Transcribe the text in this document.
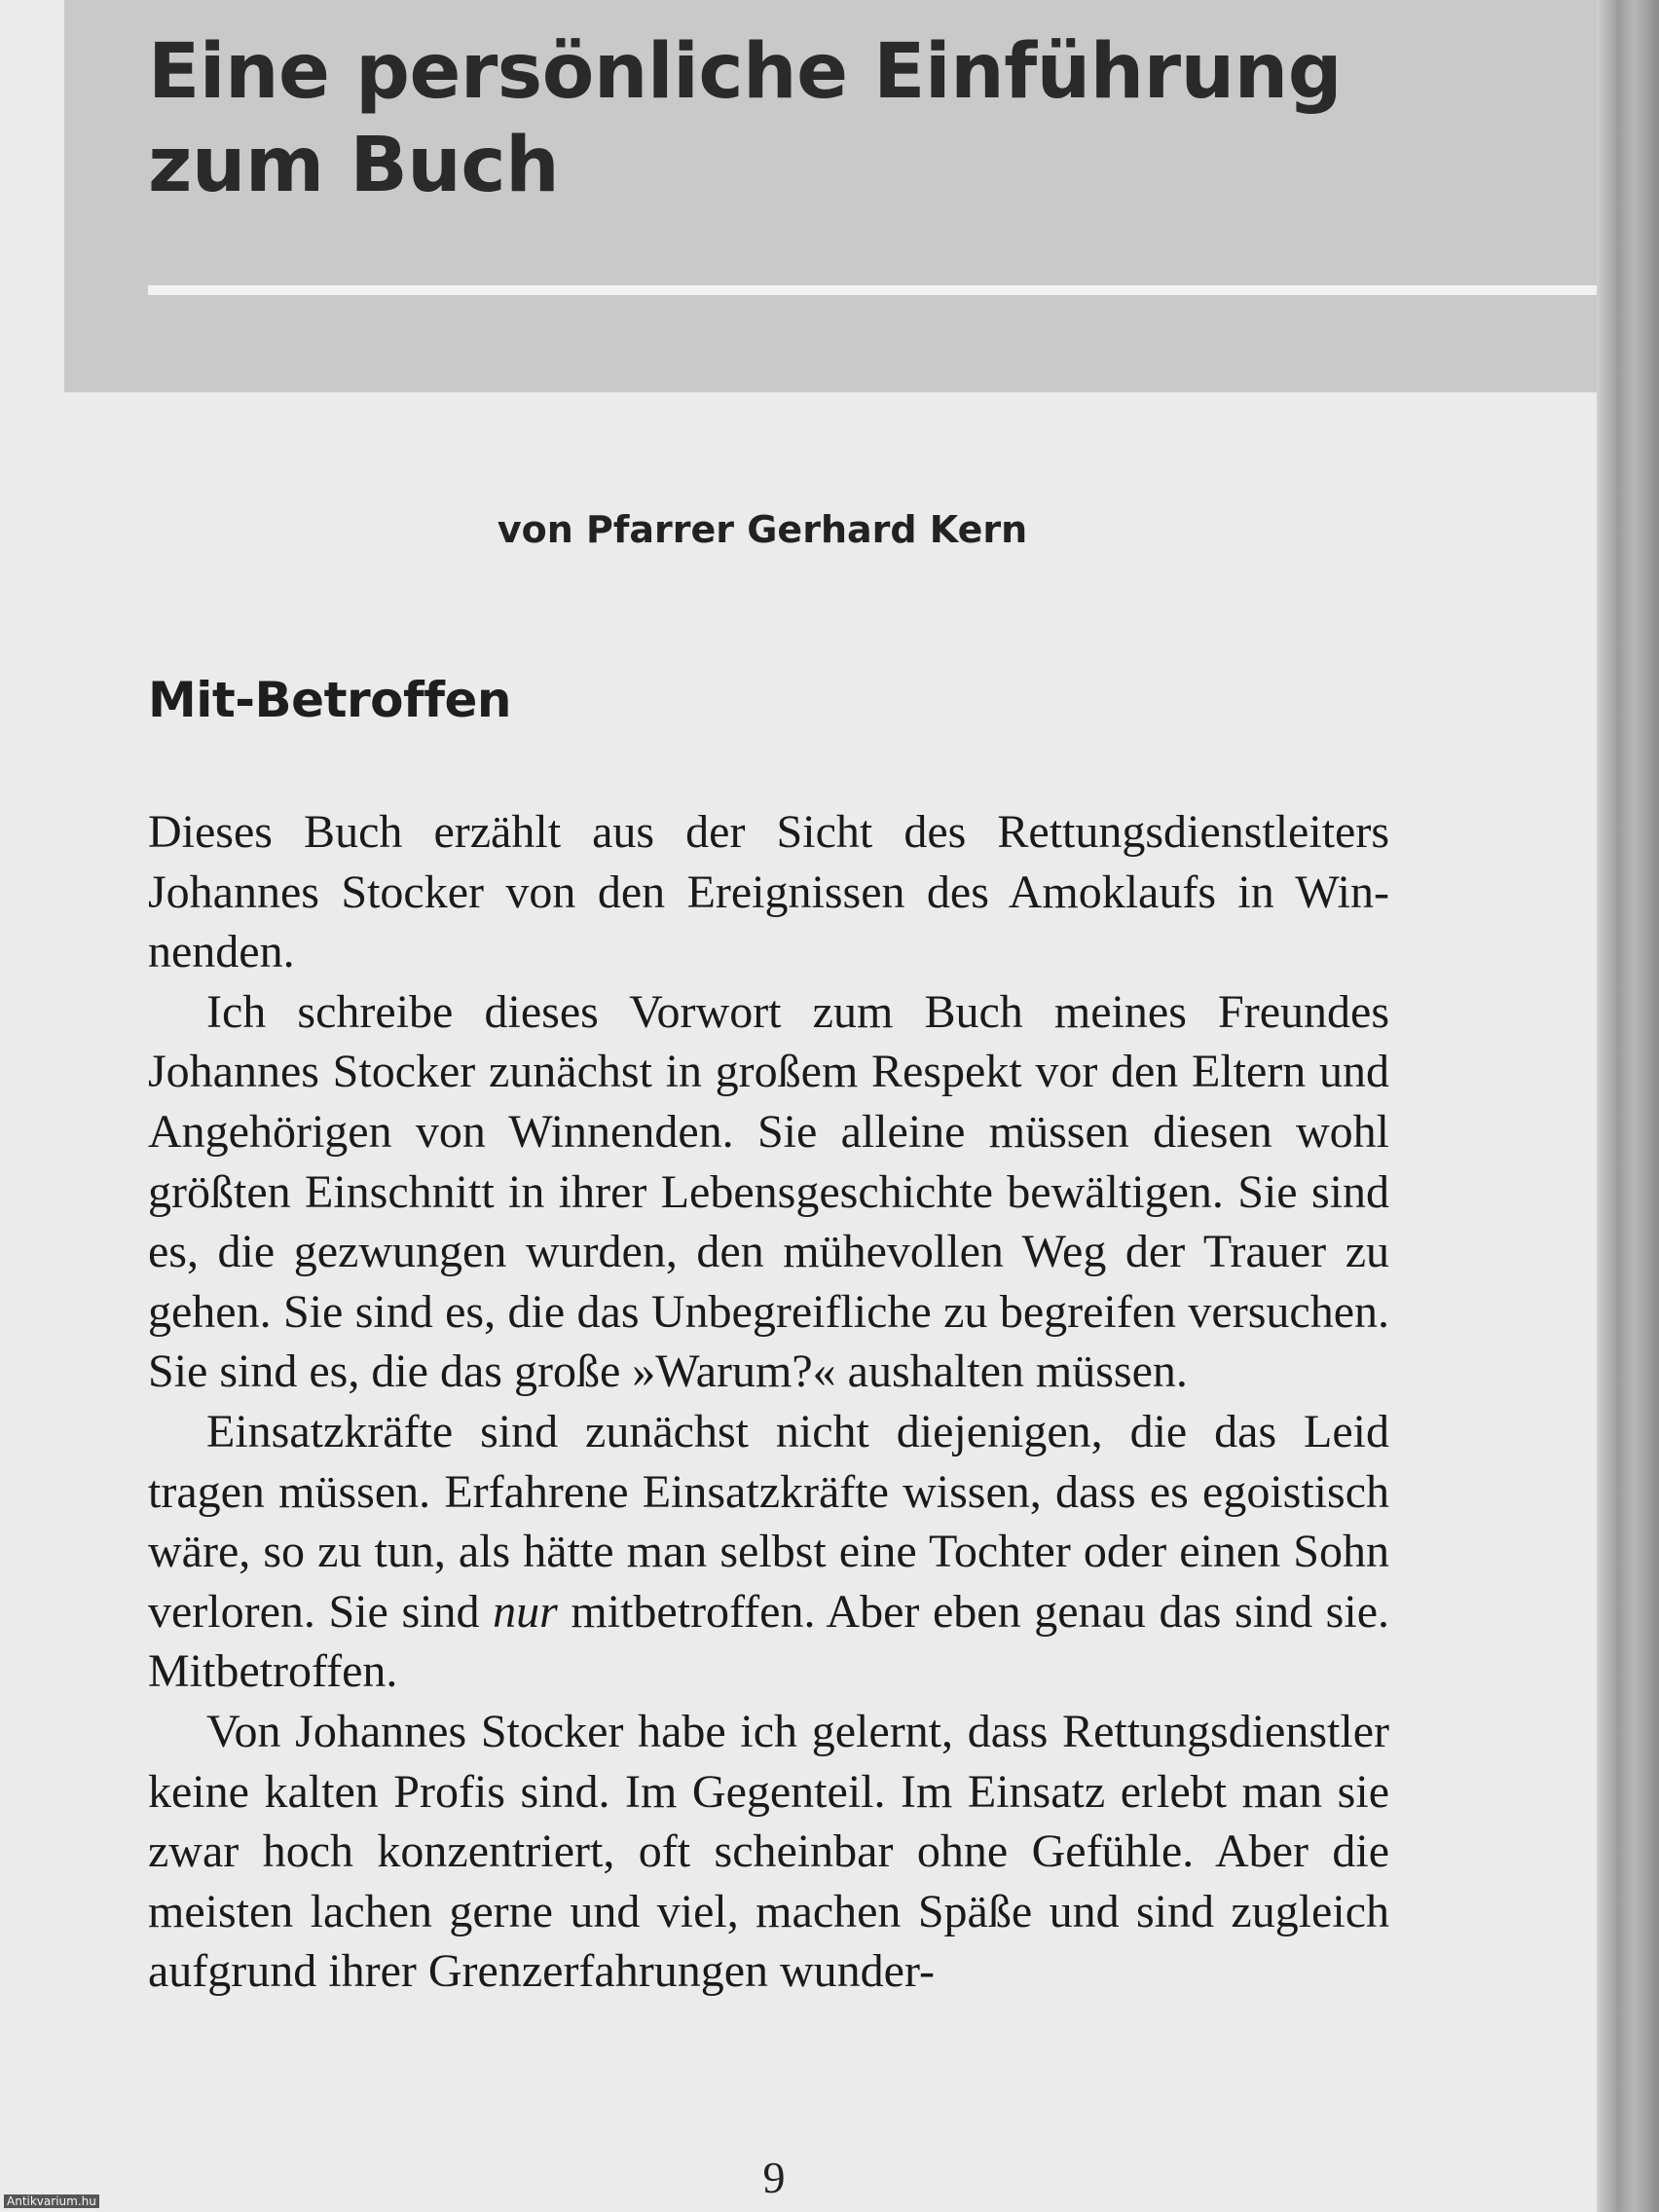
Eine persönliche Einführung
zum Buch
von Pfarrer Gerhard Kern
Mit-Betroffen

Dieses Buch erzählt aus der Sicht des Rettungsdienstleiters Johannes Stocker von den Ereignissen des Amoklaufs in Winnenden.

Ich schreibe dieses Vorwort zum Buch meines Freundes Johannes Stocker zunächst in großem Respekt vor den Eltern und Angehörigen von Winnenden. Sie alleine müssen diesen wohl größten Einschnitt in ihrer Lebensgeschichte bewältigen. Sie sind es, die gezwungen wurden, den mühevollen Weg der Trauer zu gehen. Sie sind es, die das Unbegreifliche zu begreifen versuchen. Sie sind es, die das große »Warum?« aushalten müssen.

Einsatzkräfte sind zunächst nicht diejenigen, die das Leid tragen müssen. Erfahrene Einsatzkräfte wissen, dass es egoistisch wäre, so zu tun, als hätte man selbst eine Tochter oder einen Sohn verloren. Sie sind nur mitbetroffen. Aber eben genau das sind sie. Mitbetroffen.

Von Johannes Stocker habe ich gelernt, dass Rettungsdienstler keine kalten Profis sind. Im Gegenteil. Im Einsatz erlebt man sie zwar hoch konzentriert, oft scheinbar ohne Gefühle. Aber die meisten lachen gerne und viel, machen Späße und sind zugleich aufgrund ihrer Grenzerfahrungen wunder-

9
Antikvarium.hu
